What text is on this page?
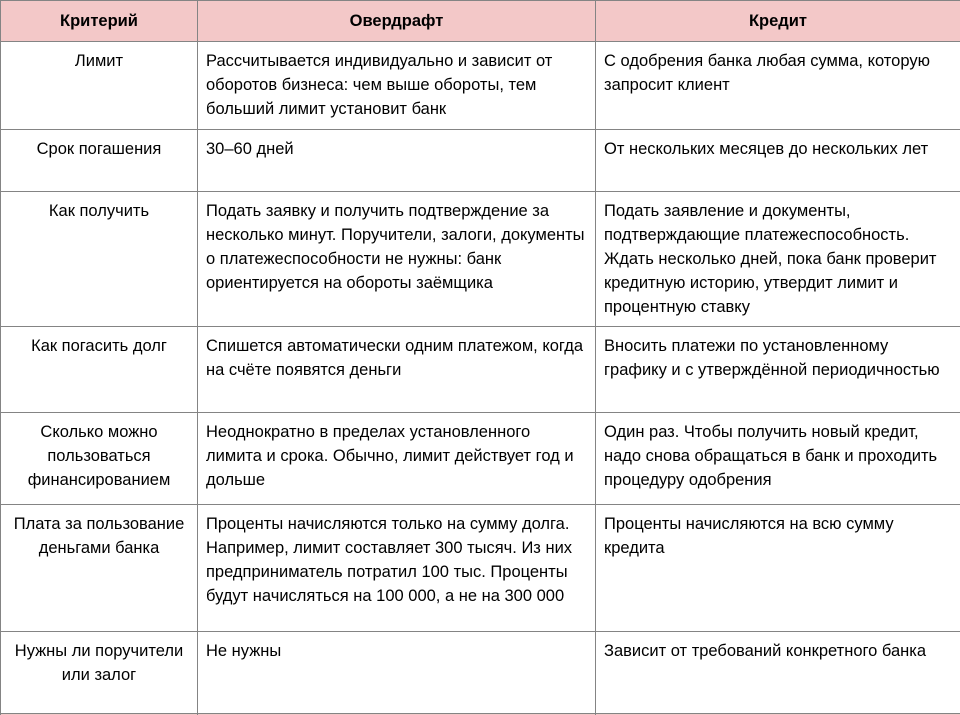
Критерий	Овердрафт	Кредит
Лимит	Рассчитывается индивидуально и зависит от оборотов бизнеса: чем выше обороты, тем больший лимит установит банк	С одобрения банка любая сумма, которую запросит клиент
Срок погашения	30–60 дней	От нескольких месяцев до нескольких лет
Как получить	Подать заявку и получить подтверждение за несколько минут. Поручители, залоги, документы о платежеспособности не нужны: банк ориентируется на обороты заёмщика	Подать заявление и документы, подтверждающие платежеспособность. Ждать несколько дней, пока банк проверит кредитную историю, утвердит лимит и процентную ставку
Как погасить долг	Спишется автоматически одним платежом, когда на счёте появятся деньги	Вносить платежи по установленному графику и с утверждённой периодичностью
Сколько можно пользоваться финансированием	Неоднократно в пределах установленного лимита и срока. Обычно, лимит действует год и дольше	Один раз. Чтобы получить новый кредит, надо снова обращаться в банк и проходить процедуру одобрения
Плата за пользование деньгами банка	Проценты начисляются только на сумму долга. Например, лимит составляет 300 тысяч. Из них предприниматель потратил 100 тыс. Проценты будут начисляться на 100 000, а не на 300 000	Проценты начисляются на всю сумму кредита
Нужны ли поручители или залог	Не нужны	Зависит от требований конкретного банка
